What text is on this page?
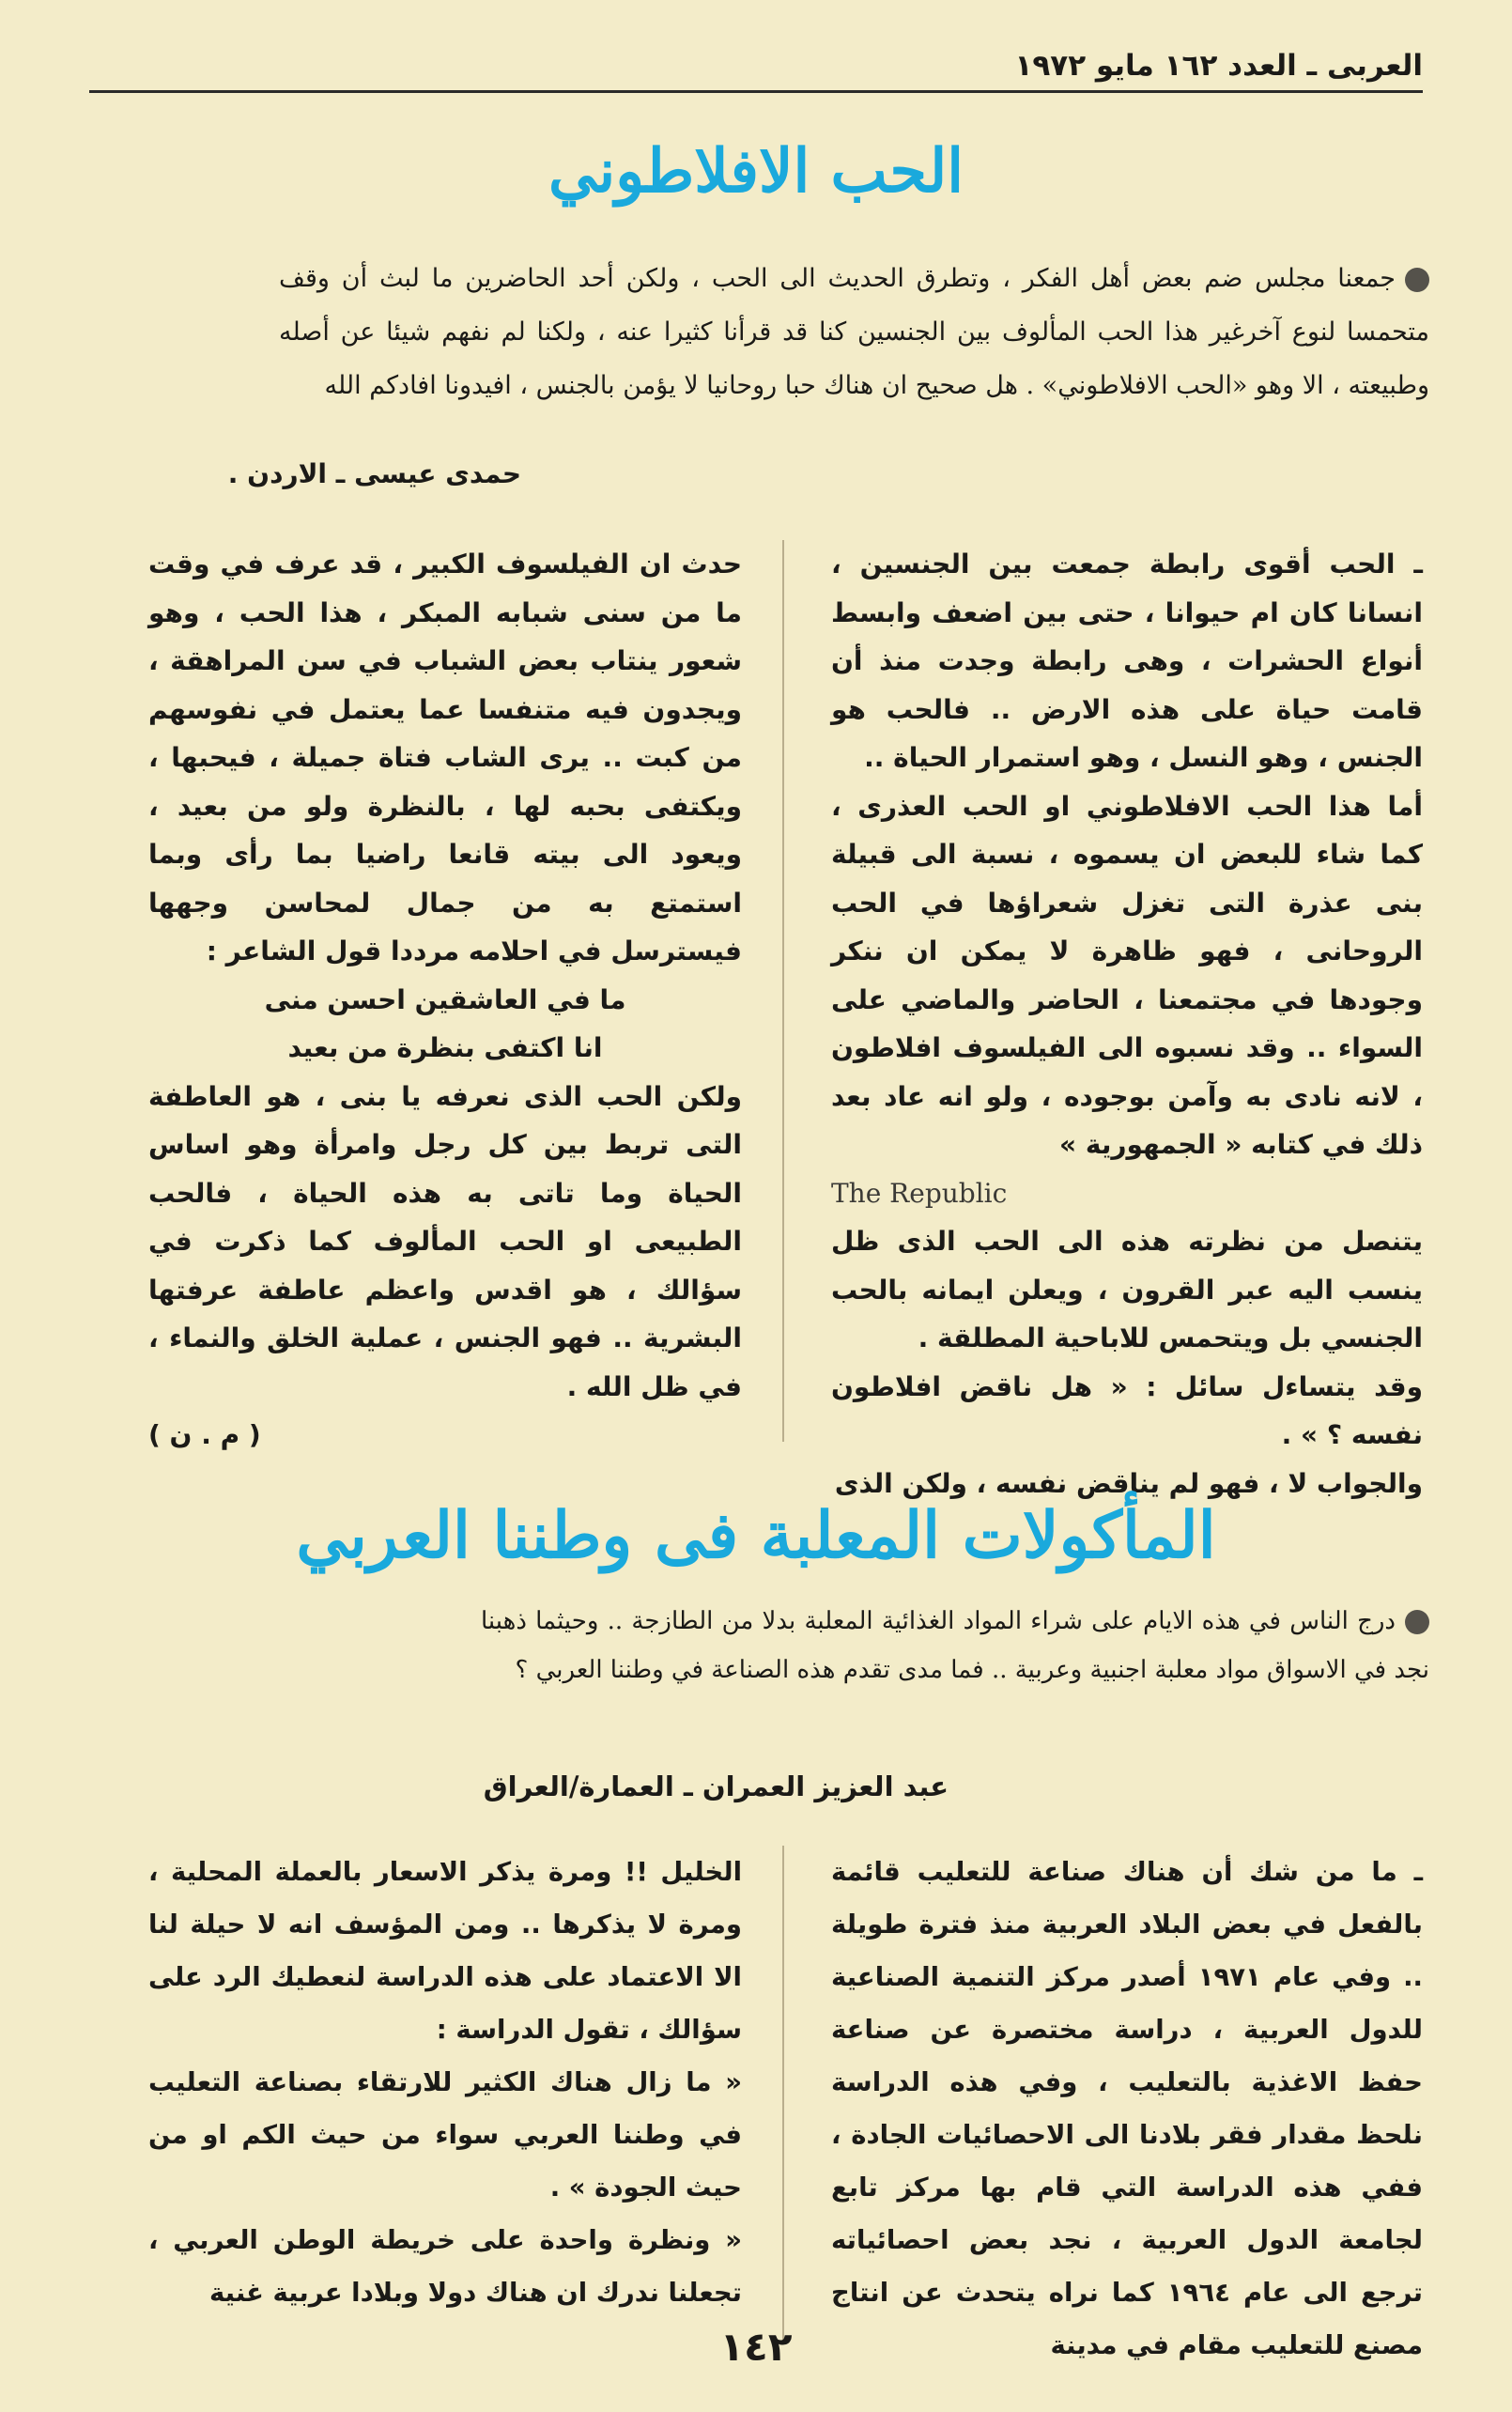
العربى ـ العدد ١٦٢ مايو ١٩٧٢
الحب الافلاطوني

جمعنا مجلس ضم بعض أهل الفكر ، وتطرق الحديث الى الحب ، ولكن أحد الحاضرين ما لبث أن وقف متحمسا لنوع آخرغير هذا الحب المألوف بين الجنسين كنا قد قرأنا كثيرا عنه ، ولكنا لم نفهم شيئا عن أصله وطبيعته ، الا وهو «الحب الافلاطوني» . هل صحيح ان هناك حبا روحانيا لا يؤمن بالجنس ، افيدونا افادكم الله

حمدى عيسى ـ الاردن .

ـ الحب أقوى رابطة جمعت بين الجنسين ، انسانا كان ام حيوانا ، حتى بين اضعف وابسط أنواع الحشرات ، وهى رابطة وجدت منذ أن قامت حياة على هذه الارض .. فالحب هو الجنس ، وهو النسل ، وهو استمرار الحياة ..

أما هذا الحب الافلاطوني او الحب العذرى ، كما شاء للبعض ان يسموه ، نسبة الى قبيلة بنى عذرة التى تغزل شعراؤها في الحب الروحانى ، فهو ظاهرة لا يمكن ان ننكر وجودها في مجتمعنا ، الحاضر والماضي على السواء .. وقد نسبوه الى الفيلسوف افلاطون ، لانه نادى به وآمن بوجوده ، ولو انه عاد بعد ذلك في كتابه « الجمهورية »

The Republic

يتنصل من نظرته هذه الى الحب الذى ظل ينسب اليه عبر القرون ، ويعلن ايمانه بالحب الجنسي بل ويتحمس للاباحية المطلقة .

وقد يتساءل سائل : « هل ناقض افلاطون نفسه ؟ » .

والجواب لا ، فهو لم يناقض نفسه ، ولكن الذى

حدث ان الفيلسوف الكبير ، قد عرف في وقت ما من سنى شبابه المبكر ، هذا الحب ، وهو شعور ينتاب بعض الشباب في سن المراهقة ، ويجدون فيه متنفسا عما يعتمل في نفوسهم من كبت .. يرى الشاب فتاة جميلة ، فيحبها ، ويكتفى بحبه لها ، بالنظرة ولو من بعيد ، ويعود الى بيته قانعا راضيا بما رأى وبما استمتع به من جمال لمحاسن وجهها فيسترسل في احلامه مرددا قول الشاعر :

ما في العاشقين احسن منى

انا اكتفى بنظرة من بعيد

ولكن الحب الذى نعرفه يا بنى ، هو العاطفة التى تربط بين كل رجل وامرأة وهو اساس الحياة وما تاتى به هذه الحياة ، فالحب الطبيعى او الحب المألوف كما ذكرت في سؤالك ، هو اقدس واعظم عاطفة عرفتها البشرية .. فهو الجنس ، عملية الخلق والنماء ، في ظل الله .

( م . ن )

المأكولات المعلبة فى وطننا العربي

درج الناس في هذه الايام على شراء المواد الغذائية المعلبة بدلا من الطازجة .. وحيثما ذهبنا نجد في الاسواق مواد معلبة اجنبية وعربية .. فما مدى تقدم هذه الصناعة في وطننا العربي ؟

عبد العزيز العمران ـ العمارة/العراق

ـ ما من شك أن هناك صناعة للتعليب قائمة بالفعل في بعض البلاد العربية منذ فترة طويلة .. وفي عام ١٩٧١ أصدر مركز التنمية الصناعية للدول العربية ، دراسة مختصرة عن صناعة حفظ الاغذية بالتعليب ، وفي هذه الدراسة نلحظ مقدار فقر بلادنا الى الاحصائيات الجادة ، ففي هذه الدراسة التي قام بها مركز تابع لجامعة الدول العربية ، نجد بعض احصائياته ترجع الى عام ١٩٦٤ كما نراه يتحدث عن انتاج مصنع للتعليب مقام في مدينة

الخليل !! ومرة يذكر الاسعار بالعملة المحلية ، ومرة لا يذكرها .. ومن المؤسف انه لا حيلة لنا الا الاعتماد على هذه الدراسة لنعطيك الرد على سؤالك ، تقول الدراسة :

« ما زال هناك الكثير للارتقاء بصناعة التعليب في وطننا العربي سواء من حيث الكم او من حيث الجودة » .

« ونظرة واحدة على خريطة الوطن العربي ، تجعلنا ندرك ان هناك دولا وبلادا عربية غنية

١٤٢
